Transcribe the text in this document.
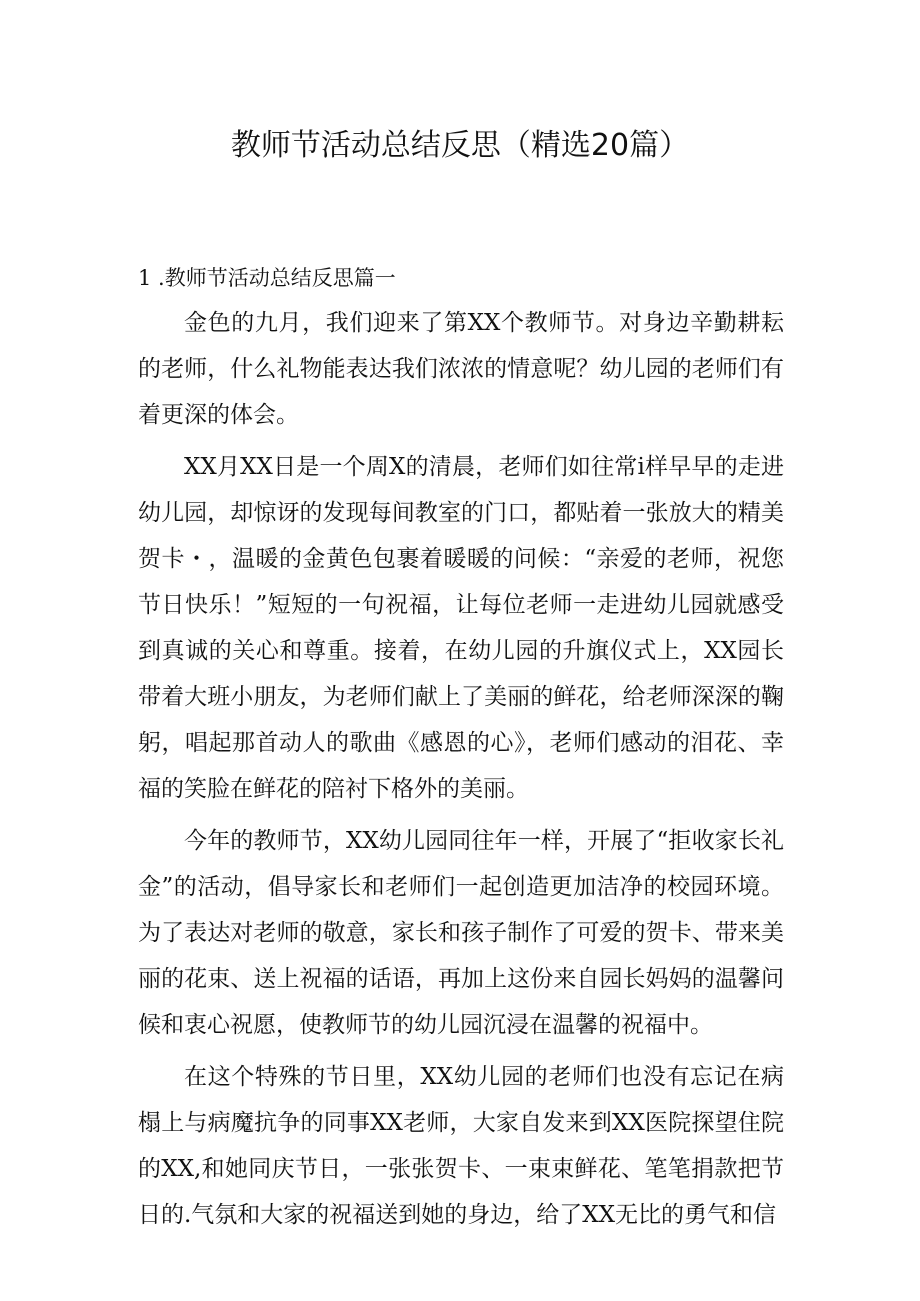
教师节活动总结反思（精选20篇）
1 .教师节活动总结反思篇一

金色的九月，我们迎来了第XX个教师节。对身边辛勤耕耘的老师，什么礼物能表达我们浓浓的情意呢？幼儿园的老师们有着更深的体会。

XX月XX日是一个周X的清晨，老师们如往常i样早早的走进幼儿园，却惊讶的发现每间教室的门口，都贴着一张放大的精美贺卡・，温暖的金黄色包裹着暖暖的问候：“亲爱的老师，祝您节日快乐！”短短的一句祝福，让每位老师一走进幼儿园就感受到真诚的关心和尊重。接着，在幼儿园的升旗仪式上，XX园长带着大班小朋友，为老师们献上了美丽的鲜花，给老师深深的鞠躬，唱起那首动人的歌曲《感恩的心》，老师们感动的泪花、幸福的笑脸在鲜花的陪衬下格外的美丽。

今年的教师节，XX幼儿园同往年一样，开展了“拒收家长礼金”的活动，倡导家长和老师们一起创造更加洁净的校园环境。为了表达对老师的敬意，家长和孩子制作了可爱的贺卡、带来美丽的花束、送上祝福的话语，再加上这份来自园长妈妈的温馨问候和衷心祝愿，使教师节的幼儿园沉浸在温馨的祝福中。

在这个特殊的节日里，XX幼儿园的老师们也没有忘记在病榻上与病魔抗争的同事XX老师，大家自发来到XX医院探望住院的XX,和她同庆节日，一张张贺卡、一束束鲜花、笔笔捐款把节日的.气氛和大家的祝福送到她的身边，给了XX无比的勇气和信
